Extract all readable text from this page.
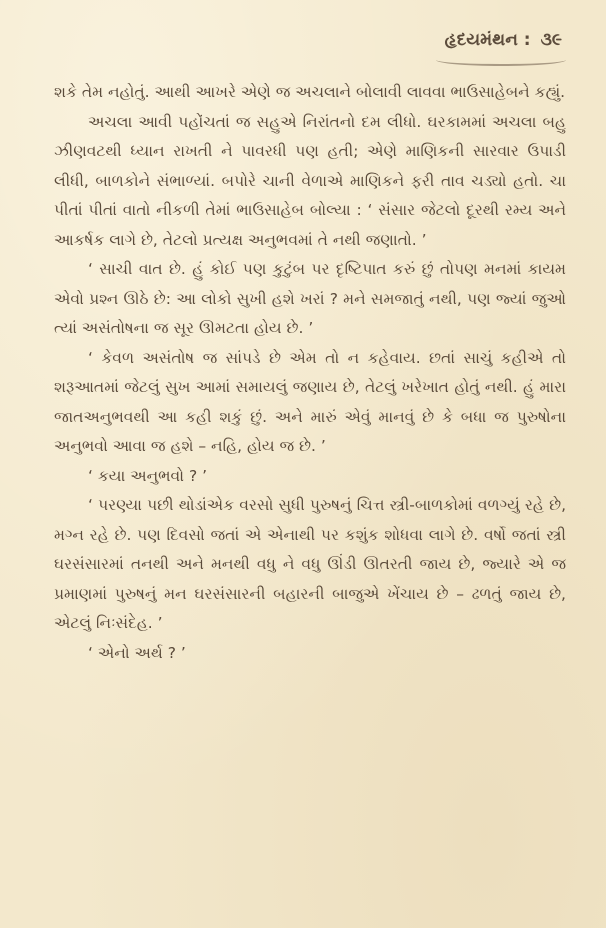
હૃદયમંથન : ૩૯

શકે તેમ નહોતું. આથી આખરે એણે જ અચલાને બોલાવી લાવવા ભાઉસાહેબને કહ્યું.

અચલા આવી પહોંચતાં જ સહુએ નિરાંતનો દમ લીધો. ઘરકામમાં અચલા બહુ ઝીણવટથી ધ્યાન રાખતી ને પાવરધી પણ હતી; એણે માણિકની સારવાર ઉપાડી લીધી, બાળકોને સંભાળ્યાં. બપોરે ચાની વેળાએ માણિકને ફરી તાવ ચડ્યો હતો. ચા પીતાં પીતાં વાતો નીકળી તેમાં ભાઉસાહેબ બોલ્યા : ‘ સંસાર જેટલો દૂરથી રમ્ય અને આકર્ષક લાગે છે, તેટલો પ્રત્યક્ષ અનુભવમાં તે નથી જણાતો. ’

‘ સાચી વાત છે. હું કોઈ પણ કુટુંબ પર દૃષ્ટિપાત કરું છું તોપણ મનમાં કાયમ એવો પ્રશ્ન ઊઠે છે: આ લોકો સુખી હશે ખરાં ? મને સમજાતું નથી, પણ જ્યાં જુઓ ત્યાં અસંતોષના જ સૂર ઊમટતા હોય છે. ’

‘ કેવળ અસંતોષ જ સાંપડે છે એમ તો ન કહેવાય. છતાં સાચું કહીએ તો શરૂઆતમાં જેટલું સુખ આમાં સમાયલું જણાય છે, તેટલું ખરેખાત હોતું નથી. હું મારા જાતઅનુભવથી આ કહી શકું છું. અને મારું એવું માનવું છે કે બધા જ પુરુષોના અનુભવો આવા જ હશે – નહિ, હોય જ છે. ’

‘ કયા અનુભવો ? ’

‘ પરણ્યા પછી થોડાંએક વરસો સુધી પુરુષનું ચિત્ત સ્ત્રી-બાળકોમાં વળગ્યું રહે છે, મગ્ન રહે છે. પણ દિવસો જતાં એ એનાથી પર કશુંક શોધવા લાગે છે. વર્ષો જતાં સ્ત્રી ઘરસંસારમાં તનથી અને મનથી વધુ ને વધુ ઊંડી ઊતરતી જાય છે, જ્યારે એ જ પ્રમાણમાં પુરુષનું મન ઘરસંસારની બહારની બાજુએ ખેંચાય છે – ઢળતું જાય છે, એટલું નિઃસંદેહ. ’

‘ એનો અર્થ ? ’
